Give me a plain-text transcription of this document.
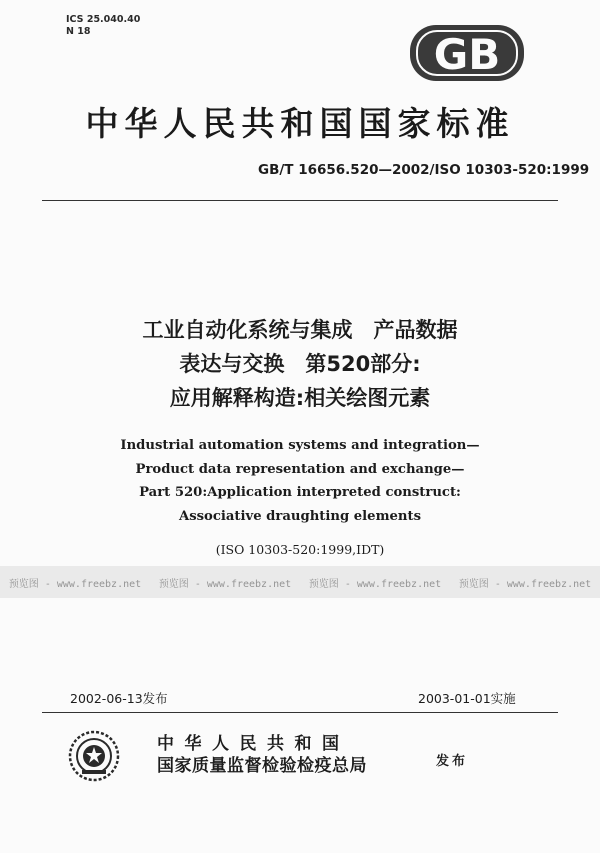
ICS 25.040.40
N 18	GB
中华人民共和国国家标准
GB/T 16656.520—2002/ISO 10303-520:1999
工业自动化系统与集成　产品数据
表达与交换　第520部分:
应用解释构造:相关绘图元素
Industrial automation systems and integration—
Product data representation and exchange—
Part 520:Application interpreted construct:
Associative draughting elements
(ISO 10303-520:1999,IDT)
预览图 - www.freebz.net 预览图 - www.freebz.net 预览图 - www.freebz.net 预览图 - www.freebz.net
2002-06-13发布	2003-01-01实施
中华人民共和国
国家质量监督检验检疫总局	发布
